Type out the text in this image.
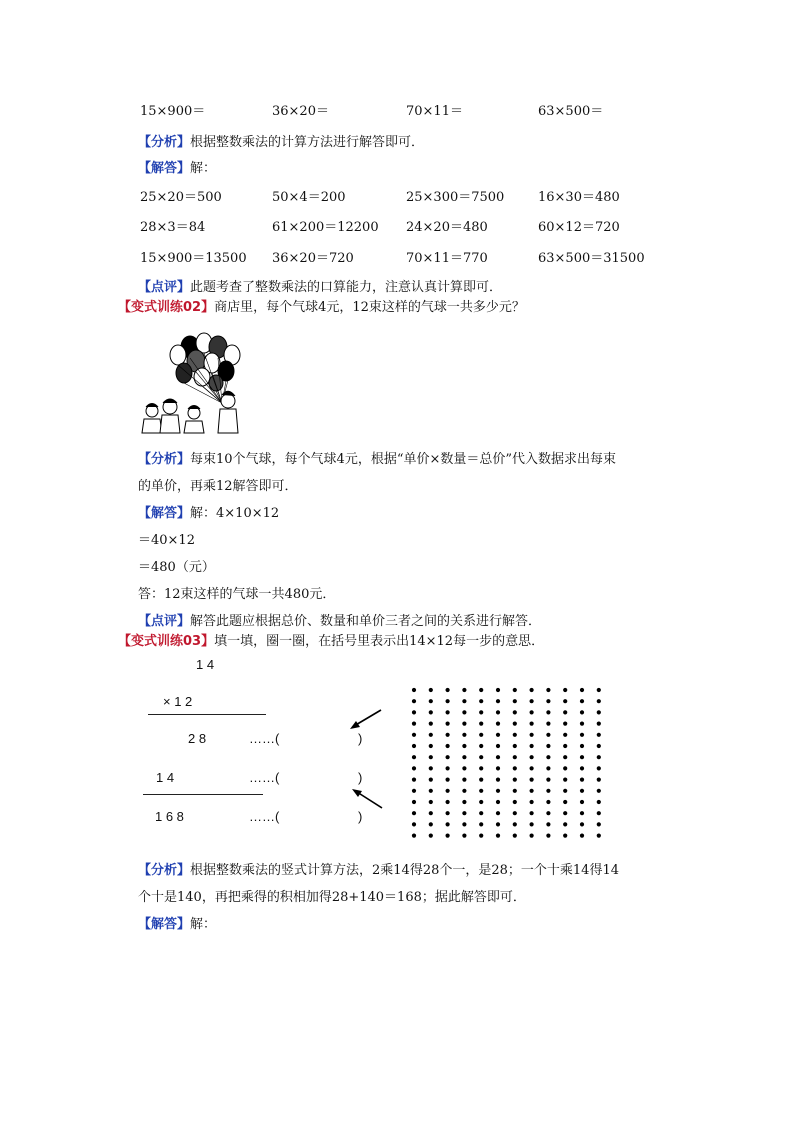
15×900＝	36×20＝	70×11＝	63×500＝
【分析】根据整数乘法的计算方法进行解答即可．
【解答】解：
25×20＝500	50×4＝200	25×300＝7500	16×30＝480
28×3＝84	61×200＝12200 24×20＝480	60×12＝720
15×900＝13500 36×20＝720	70×11＝770	63×500＝31500
【点评】此题考查了整数乘法的口算能力，注意认真计算即可．
【变式训练02】商店里，每个气球4元，12束这样的气球一共多少元？
【分析】每束10个气球，每个气球4元，根据“单价×数量＝总价”代入数据求出每束
的单价，再乘12解答即可．
【解答】解：4×10×12
＝40×12
＝480（元）
答：12束这样的气球一共480元．
【点评】解答此题应根据总价、数量和单价三者之间的关系进行解答．
【变式训练03】填一填，圈一圈，在括号里表示出14×12每一步的意思．
1 4
× 1 2
2 8	……(	)
1 4	……(	)
1 6 8	……(	)
【分析】根据整数乘法的竖式计算方法，2乘14得28个一，是28；一个十乘14得14
个十是140，再把乘得的积相加得28+140＝168；据此解答即可．
【解答】解：
